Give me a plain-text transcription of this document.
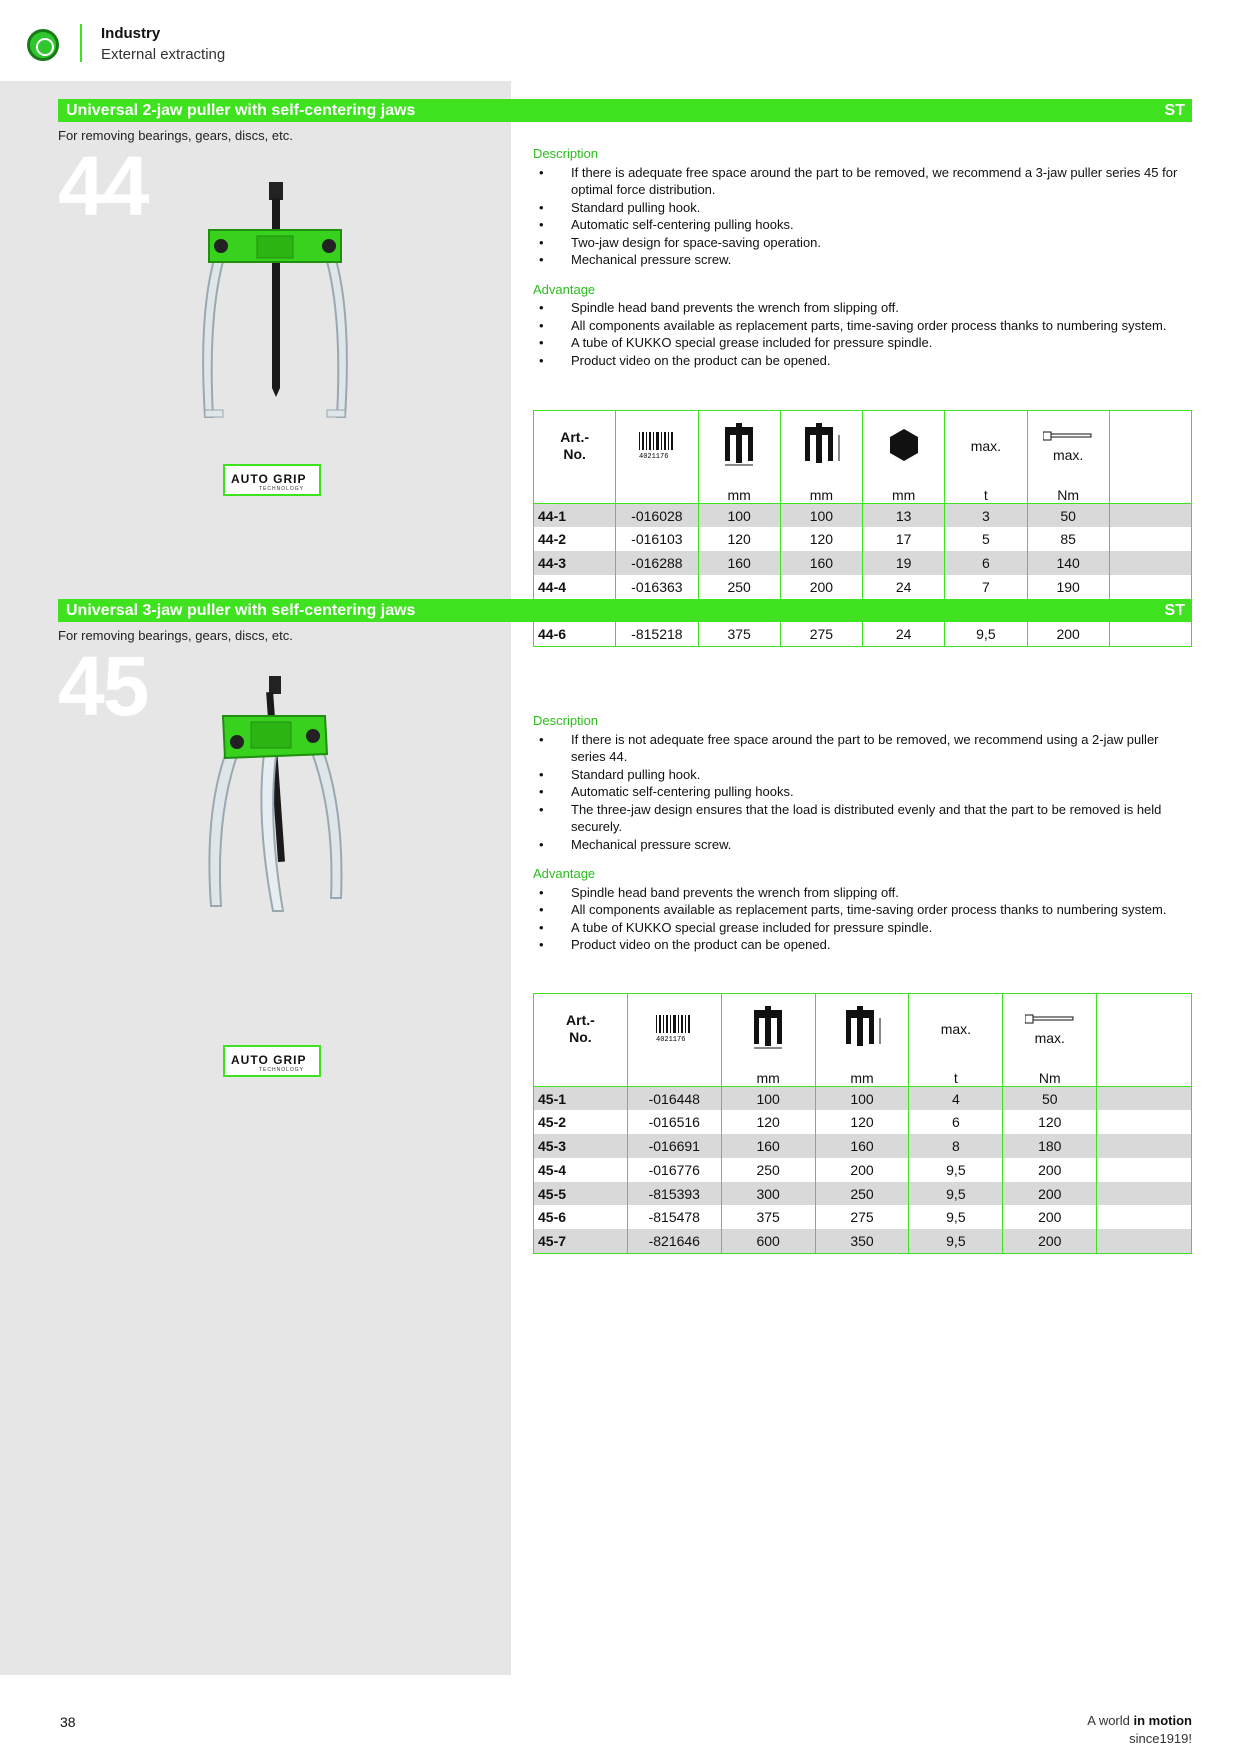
Industry
External extracting
Universal 2-jaw puller with self-centering jaws	ST
For removing bearings, gears, discs, etc.
44
AUTO GRIP
TECHNOLOGY
Description
• If there is adequate free space around the part to be removed, we recommend a 3-jaw puller series 45 for optimal force distribution.
• Standard pulling hook.
• Automatic self-centering pulling hooks.
• Two-jaw design for space-saving operation.
• Mechanical pressure screw.
Advantage
• Spindle head band prevents the wrench from slipping off.
• All components available as replacement parts, time-saving order process thanks to numbering system.
• A tube of KUKKO special grease included for pressure spindle.
• Product video on the product can be opened.
Art.-
No.	4021176				max.	max.	

		mm	mm	mm	t	Nm	
44-1	-016028	100	100	13	3	50	
44-2	-016103	120	120	17	5	85	
44-3	-016288	160	160	19	6	140	
44-4	-016363	250	200	24	7	190	

44-6	-815218	375	275	24	9,5	200	
Universal 3-jaw puller with self-centering jaws	ST
For removing bearings, gears, discs, etc.
45
AUTO GRIP
TECHNOLOGY
Description
• If there is not adequate free space around the part to be removed, we recommend using a 2-jaw puller series 44.
• Standard pulling hook.
• Automatic self-centering pulling hooks.
• The three-jaw design ensures that the load is distributed evenly and that the part to be removed is held securely.
• Mechanical pressure screw.
Advantage
• Spindle head band prevents the wrench from slipping off.
• All components available as replacement parts, time-saving order process thanks to numbering system.
• A tube of KUKKO special grease included for pressure spindle.
• Product video on the product can be opened.
Art.-
No.	4021176			max.	max.	

		mm	mm	t	Nm	
45-1	-016448	100	100	4	50	
45-2	-016516	120	120	6	120	
45-3	-016691	160	160	8	180	
45-4	-016776	250	200	9,5	200	
45-5	-815393	300	250	9,5	200	
45-6	-815478	375	275	9,5	200	
45-7	-821646	600	350	9,5	200	
38	A world in motion
since1919!
